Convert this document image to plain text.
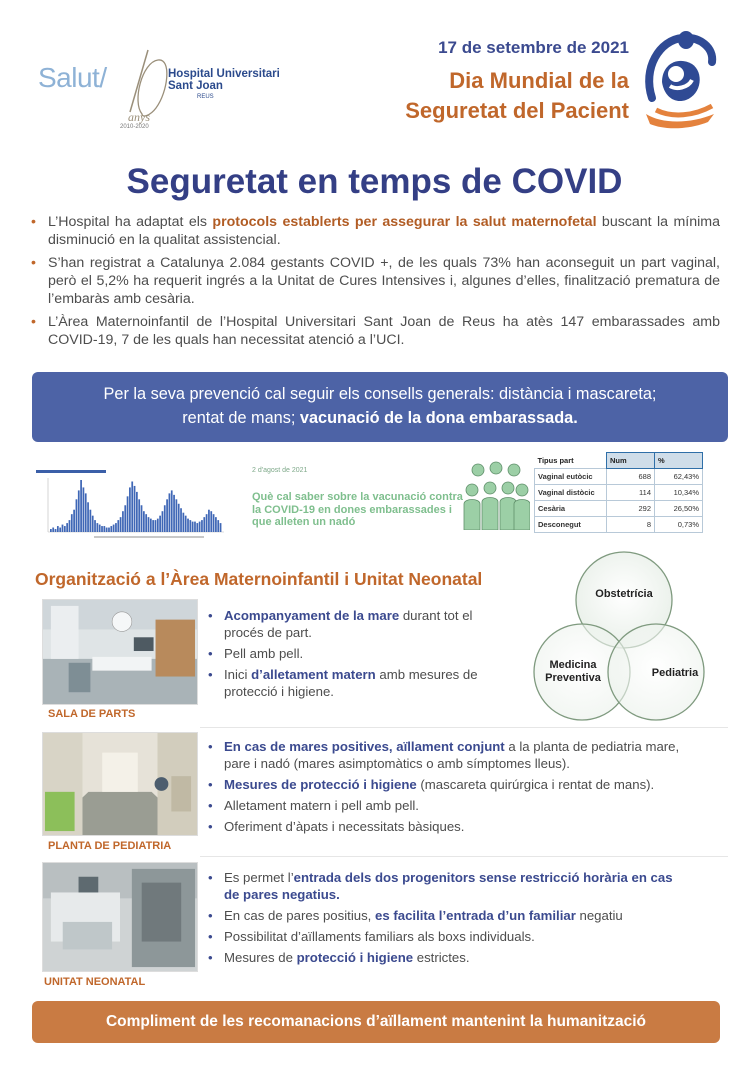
Salut/	Hospital Universitari Sant Joan
REUS
anys
2010-2020
17 de setembre de 2021
Dia Mundial de la
Seguretat del Pacient
Seguretat en temps de COVID
• L’Hospital ha adaptat els protocols establerts per assegurar la salut maternofetal buscant la mínima disminució en la qualitat assistencial.
• S’han registrat a Catalunya 2.084 gestants COVID +, de les quals 73% han aconseguit un part vaginal, però el 5,2% ha requerit ingrés a la Unitat de Cures Intensives i, algunes d’elles, finalització prematura de l’embaràs amb cesària.
• L’Àrea Maternoinfantil de l’Hospital Universitari Sant Joan de Reus ha atès 147 embarassades amb COVID-19, 7 de les quals han necessitat atenció a l’UCI.
Per la seva prevenció cal seguir els consells generals: distància i mascareta;
rentat de mans; vacunació de la dona embarassada.
2 d'agost de 2021
Què cal saber sobre la vacunació contra la COVID-19 en dones embarassades i que alleten un nadó
Tipus part	Num	%
Vaginal eutòcic	688	62,43%
Vaginal distòcic	114	10,34%
Cesària	292	26,50%
Desconegut	8	0,73%
Organització a l’Àrea Maternoinfantil i Unitat Neonatal
Obstetrícia
Medicina
Preventiva	Pediatria
SALA DE PARTS
• Acompanyament de la mare durant tot el procés de part.
• Pell amb pell.
• Inici d’alletament matern amb mesures de protecció i higiene.
PLANTA DE PEDIATRIA
• En cas de mares positives, aïllament conjunt a la planta de pediatria mare, pare i nadó (mares asimptomàtics o amb símptomes lleus).
• Mesures de protecció i higiene (mascareta quirúrgica i rentat de mans).
• Alletament matern i pell amb pell.
• Oferiment d’àpats i necessitats bàsiques.
UNITAT NEONATAL
• Es permet l’entrada dels dos progenitors sense restricció horària en cas de pares negatius.
• En cas de pares positius, es facilita l’entrada d’un familiar negatiu
• Possibilitat d’aïllaments familiars als boxs individuals.
• Mesures de protecció i higiene estrictes.
Compliment de les recomanacions d’aïllament mantenint la humanització
